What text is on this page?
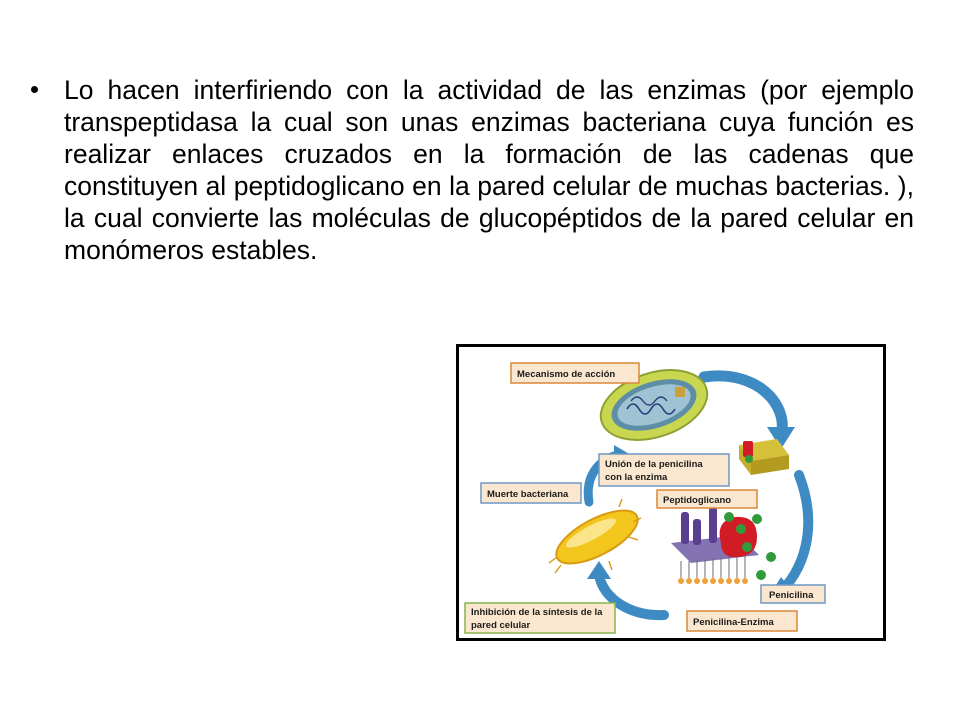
Lo hacen interfiriendo con la actividad de las enzimas (por ejemplo transpeptidasa la cual son unas enzimas bacteriana cuya función es realizar enlaces cruzados en la formación de las cadenas que constituyen al peptidoglicano en la pared celular de muchas bacterias. ), la cual convierte las moléculas de glucopéptidos de la pared celular en monómeros estables.

Mecanismo de acción
Unión de la penicilina
con la enzima
Muerte bacteriana
Peptidoglicano
Penicilina
Inhibición de la síntesis de la
pared celular	Penicilina-Enzima
